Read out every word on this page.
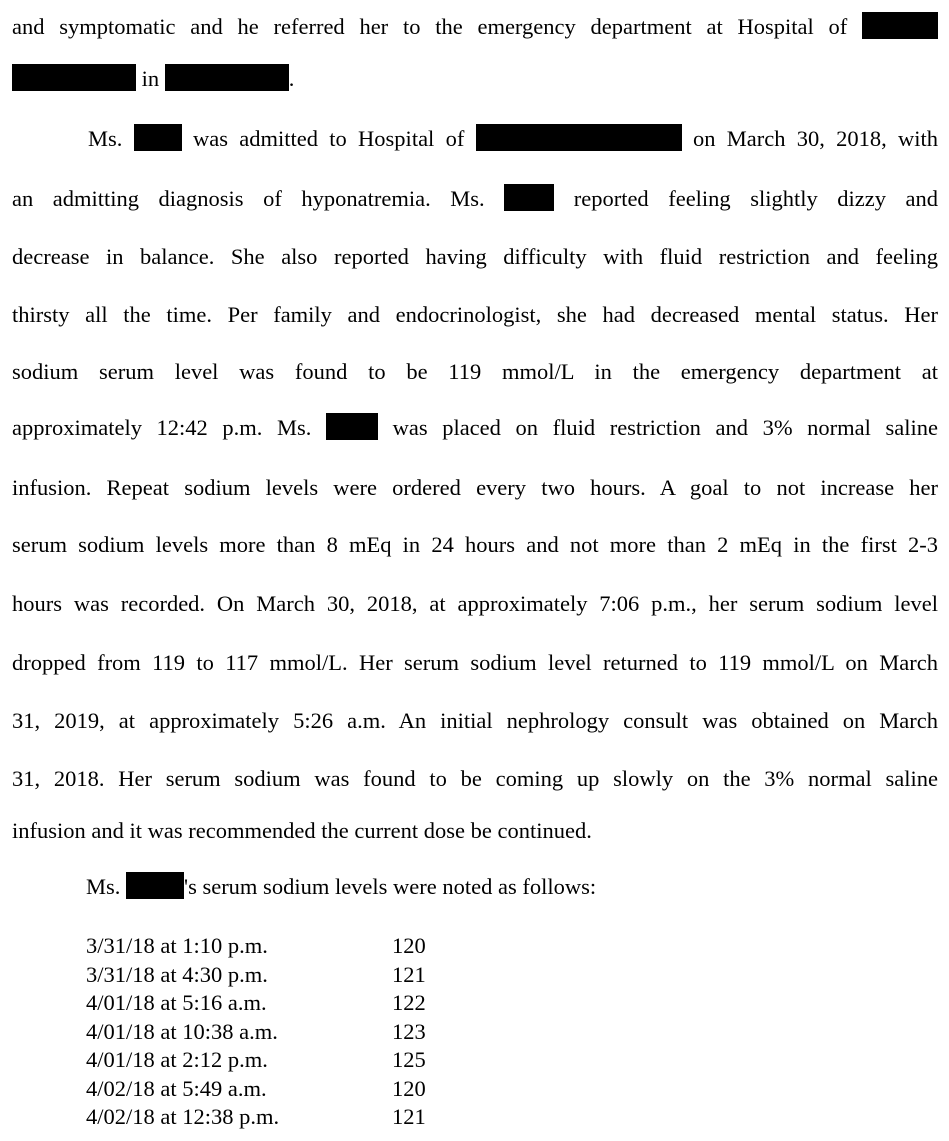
and symptomatic and he referred her to the emergency department at Hospital of
in	.
Ms.	was admitted to Hospital of	on March 30, 2018, with
an admitting diagnosis of hyponatremia. Ms.	reported feeling slightly dizzy and
decrease in balance. She also reported having difficulty with fluid restriction and feeling
thirsty all the time. Per family and endocrinologist, she had decreased mental status. Her
sodium serum level was found to be 119 mmol/L in the emergency department at
approximately 12:42 p.m. Ms.	was placed on fluid restriction and 3% normal saline
infusion. Repeat sodium levels were ordered every two hours. A goal to not increase her
serum sodium levels more than 8 mEq in 24 hours and not more than 2 mEq in the first 2-3
hours was recorded. On March 30, 2018, at approximately 7:06 p.m., her serum sodium level
dropped from 119 to 117 mmol/L. Her serum sodium level returned to 119 mmol/L on March
31, 2019, at approximately 5:26 a.m. An initial nephrology consult was obtained on March
31, 2018. Her serum sodium was found to be coming up slowly on the 3% normal saline
infusion and it was recommended the current dose be continued.
Ms.	's serum sodium levels were noted as follows:
3/31/18 at 1:10 p.m.	120
3/31/18 at 4:30 p.m.	121
4/01/18 at 5:16 a.m.	122
4/01/18 at 10:38 a.m.	123
4/01/18 at 2:12 p.m.	125
4/02/18 at 5:49 a.m.	120
4/02/18 at 12:38 p.m.	121
